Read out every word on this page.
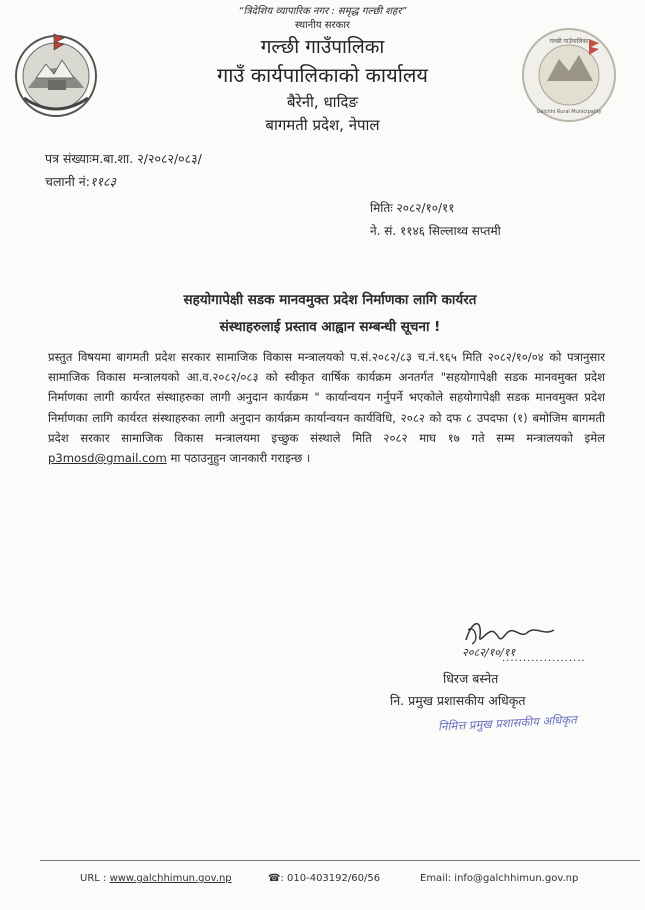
गल्छी गाउँपालिका
Galchhi Rural Municipality
“त्रिदेशिय व्यापारिक नगर : समृद्ध गल्छी शहर”
स्थानीय सरकार
गल्छी गाउँपालिका
गाउँ कार्यपालिकाको कार्यालय
बैरेनी, धादिङ
बागमती प्रदेश, नेपाल
पत्र संख्याःम.बा.शा. २/२०८२/०८३/
चलानी नं:११८३
मितिः २०८२/१०/११
ने. सं. ११४६ सिल्लाथ्व सप्तमी
सहयोगापेक्षी सडक मानवमुक्त प्रदेश निर्माणका लागि कार्यरत
संस्थाहरुलाई प्रस्ताव आह्वान सम्बन्धी सूचना !

प्रस्तुत विषयमा बागमती प्रदेश सरकार सामाजिक विकास मन्त्रालयको प.सं.२०८२/८३ च.नं.९६५ मिति २०८२/१०/०४ को पत्रानुसार सामाजिक विकास मन्त्रालयको आ.व.२०८२/०८३ को स्वीकृत वार्षिक कार्यक्रम अनतर्गत "सहयोगापेक्षी सडक मानवमुक्त प्रदेश निर्माणका लागी कार्यरत संस्थाहरुका लागी अनुदान कार्यक्रम " कार्यान्वयन गर्नुपर्ने भएकोले सहयोगापेक्षी सडक मानवमुक्त प्रदेश निर्माणका लागि कार्यरत संस्थाहरुका लागी अनुदान कार्यक्रम कार्यान्वयन कार्यविधि, २०८२ को दफ ८ उपदफा (१) बमोजिम बागमती प्रदेश सरकार सामाजिक विकास मन्त्रालयमा इच्छुक संस्थाले मिति २०८२ माघ १७ गते सम्म मन्त्रालयको इमेल p3mosd@gmail.com मा पठाउनुहुन जानकारी गराइन्छ ।

२०८२/१०/११
....................
धिरज बस्नेत
नि. प्रमुख प्रशासकीय अधिकृत
निमित्त प्रमुख प्रशासकीय अधिकृत
URL : www.galchhimun.gov.np	☎: 010-403192/60/56	Email: info@galchhimun.gov.np
